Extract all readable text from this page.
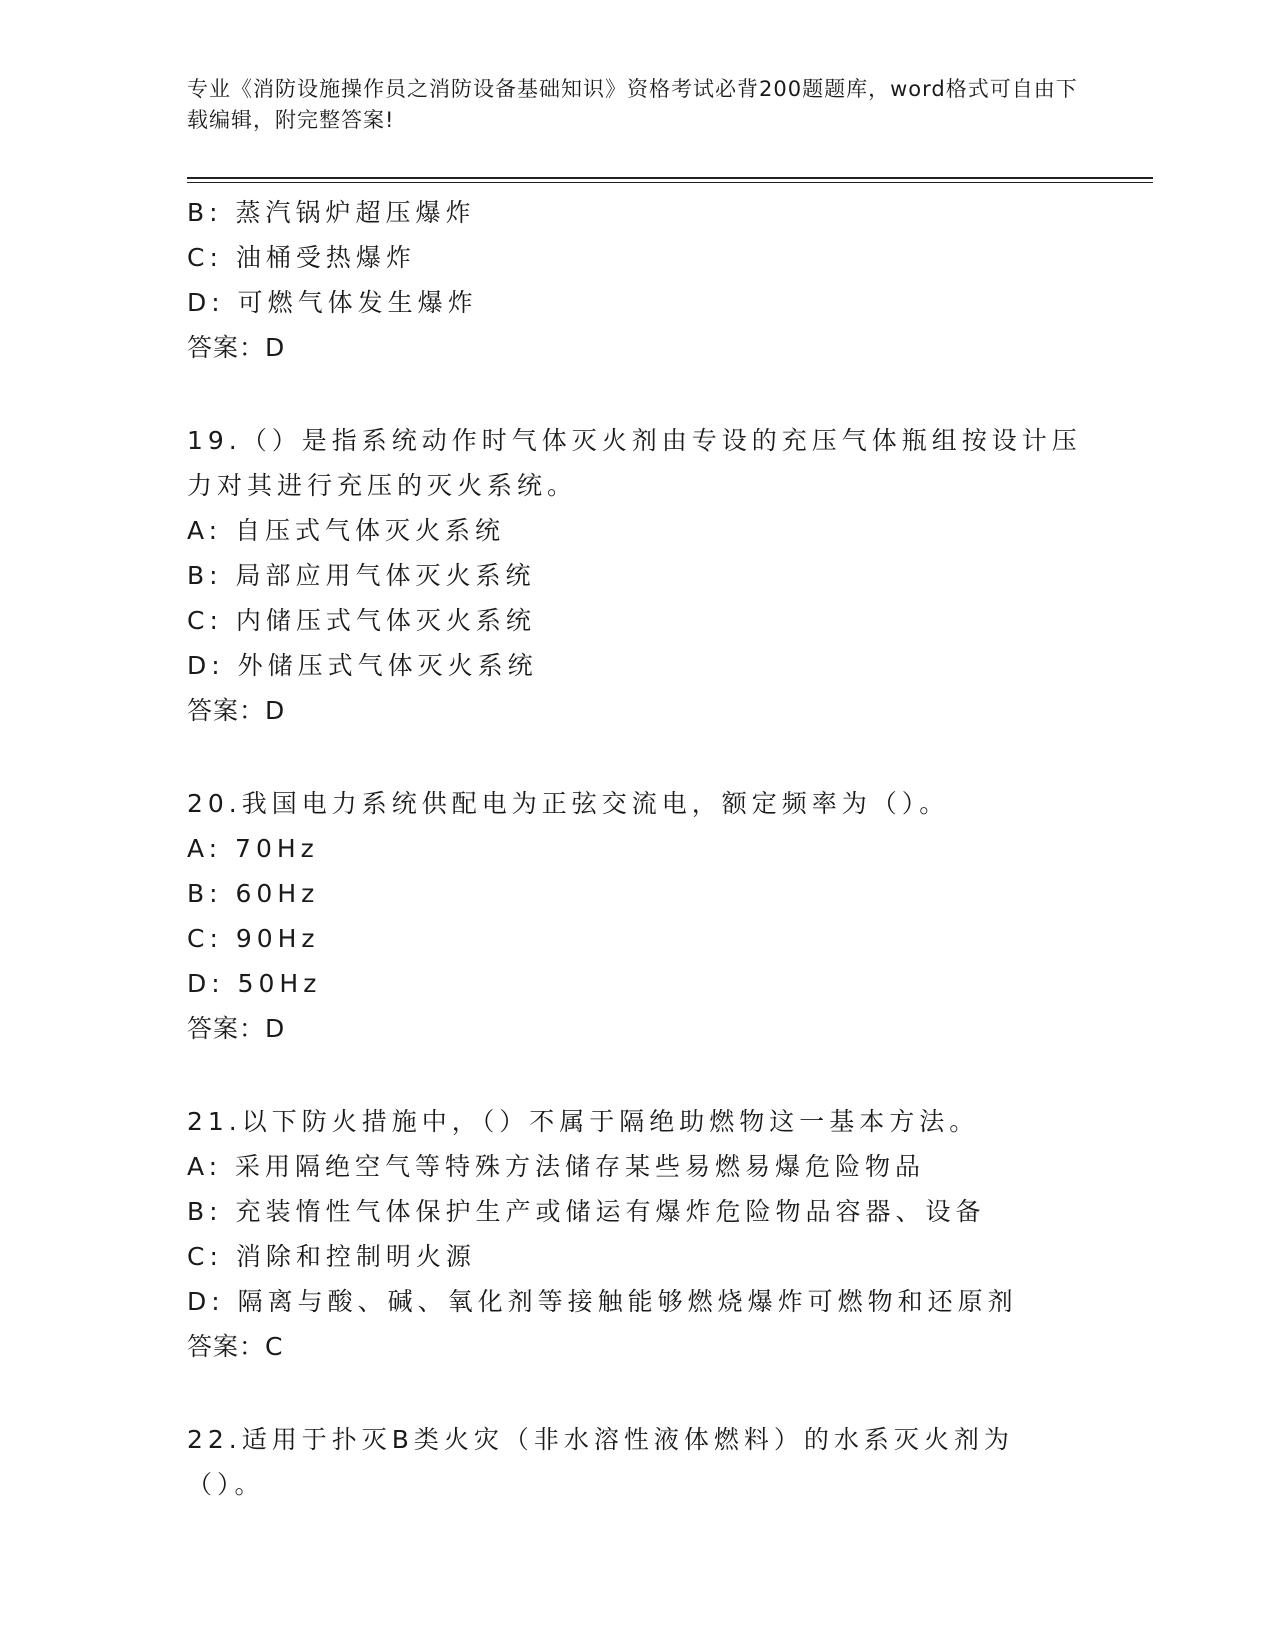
专业《消防设施操作员之消防设备基础知识》资格考试必背200题题库，word格式可自由下载编辑，附完整答案!
B: 蒸汽锅炉超压爆炸
C: 油桶受热爆炸
D: 可燃气体发生爆炸
答案：D
19.（）是指系统动作时气体灭火剂由专设的充压气体瓶组按设计压力对其进行充压的灭火系统。
A: 自压式气体灭火系统
B: 局部应用气体灭火系统
C: 内储压式气体灭火系统
D: 外储压式气体灭火系统
答案：D
20.我国电力系统供配电为正弦交流电，额定频率为（）。
A: 70Hz
B: 60Hz
C: 90Hz
D: 50Hz
答案：D
21.以下防火措施中，（）不属于隔绝助燃物这一基本方法。
A: 采用隔绝空气等特殊方法储存某些易燃易爆危险物品
B: 充装惰性气体保护生产或储运有爆炸危险物品容器、设备
C: 消除和控制明火源
D: 隔离与酸、碱、氧化剂等接触能够燃烧爆炸可燃物和还原剂
答案：C
22.适用于扑灭B类火灾（非水溶性液体燃料）的水系灭火剂为（）。
